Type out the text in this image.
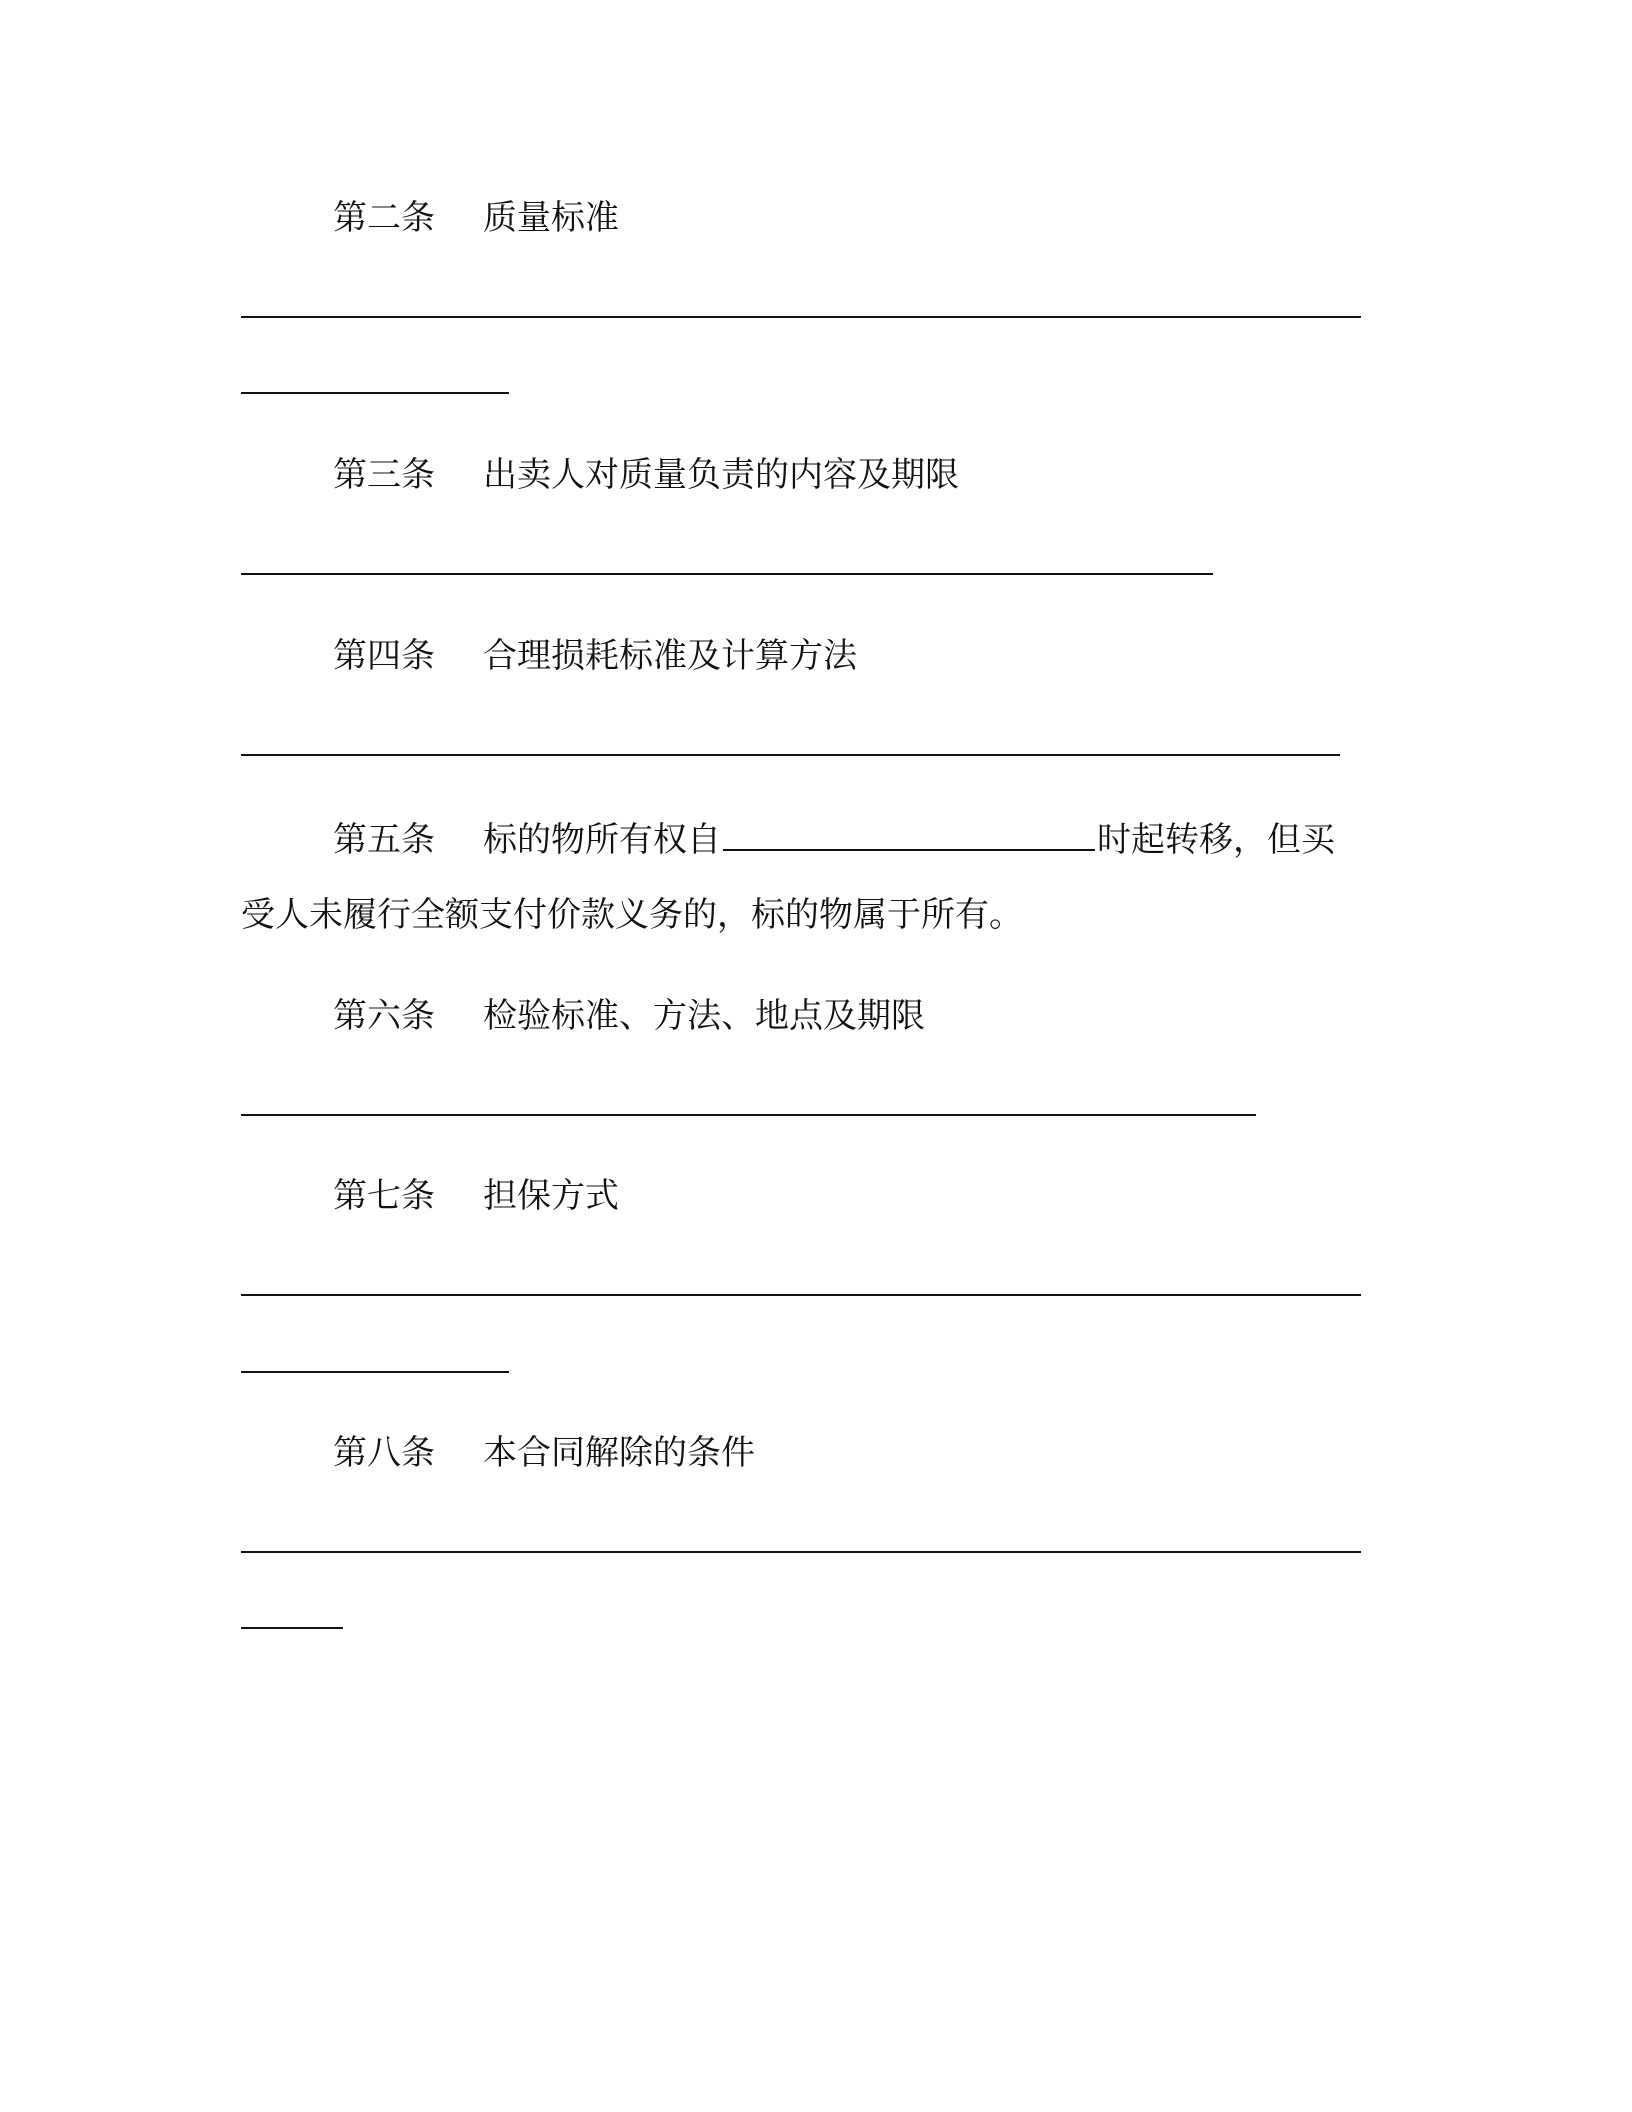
第二条 质量标准
第三条 出卖人对质量负责的内容及期限
第四条 合理损耗标准及计算方法
第五条 标的物所有权自	时起转移，但买
受人未履行全额支付价款义务的，标的物属于所有。
第六条 检验标准、方法、地点及期限
第七条 担保方式
第八条 本合同解除的条件
